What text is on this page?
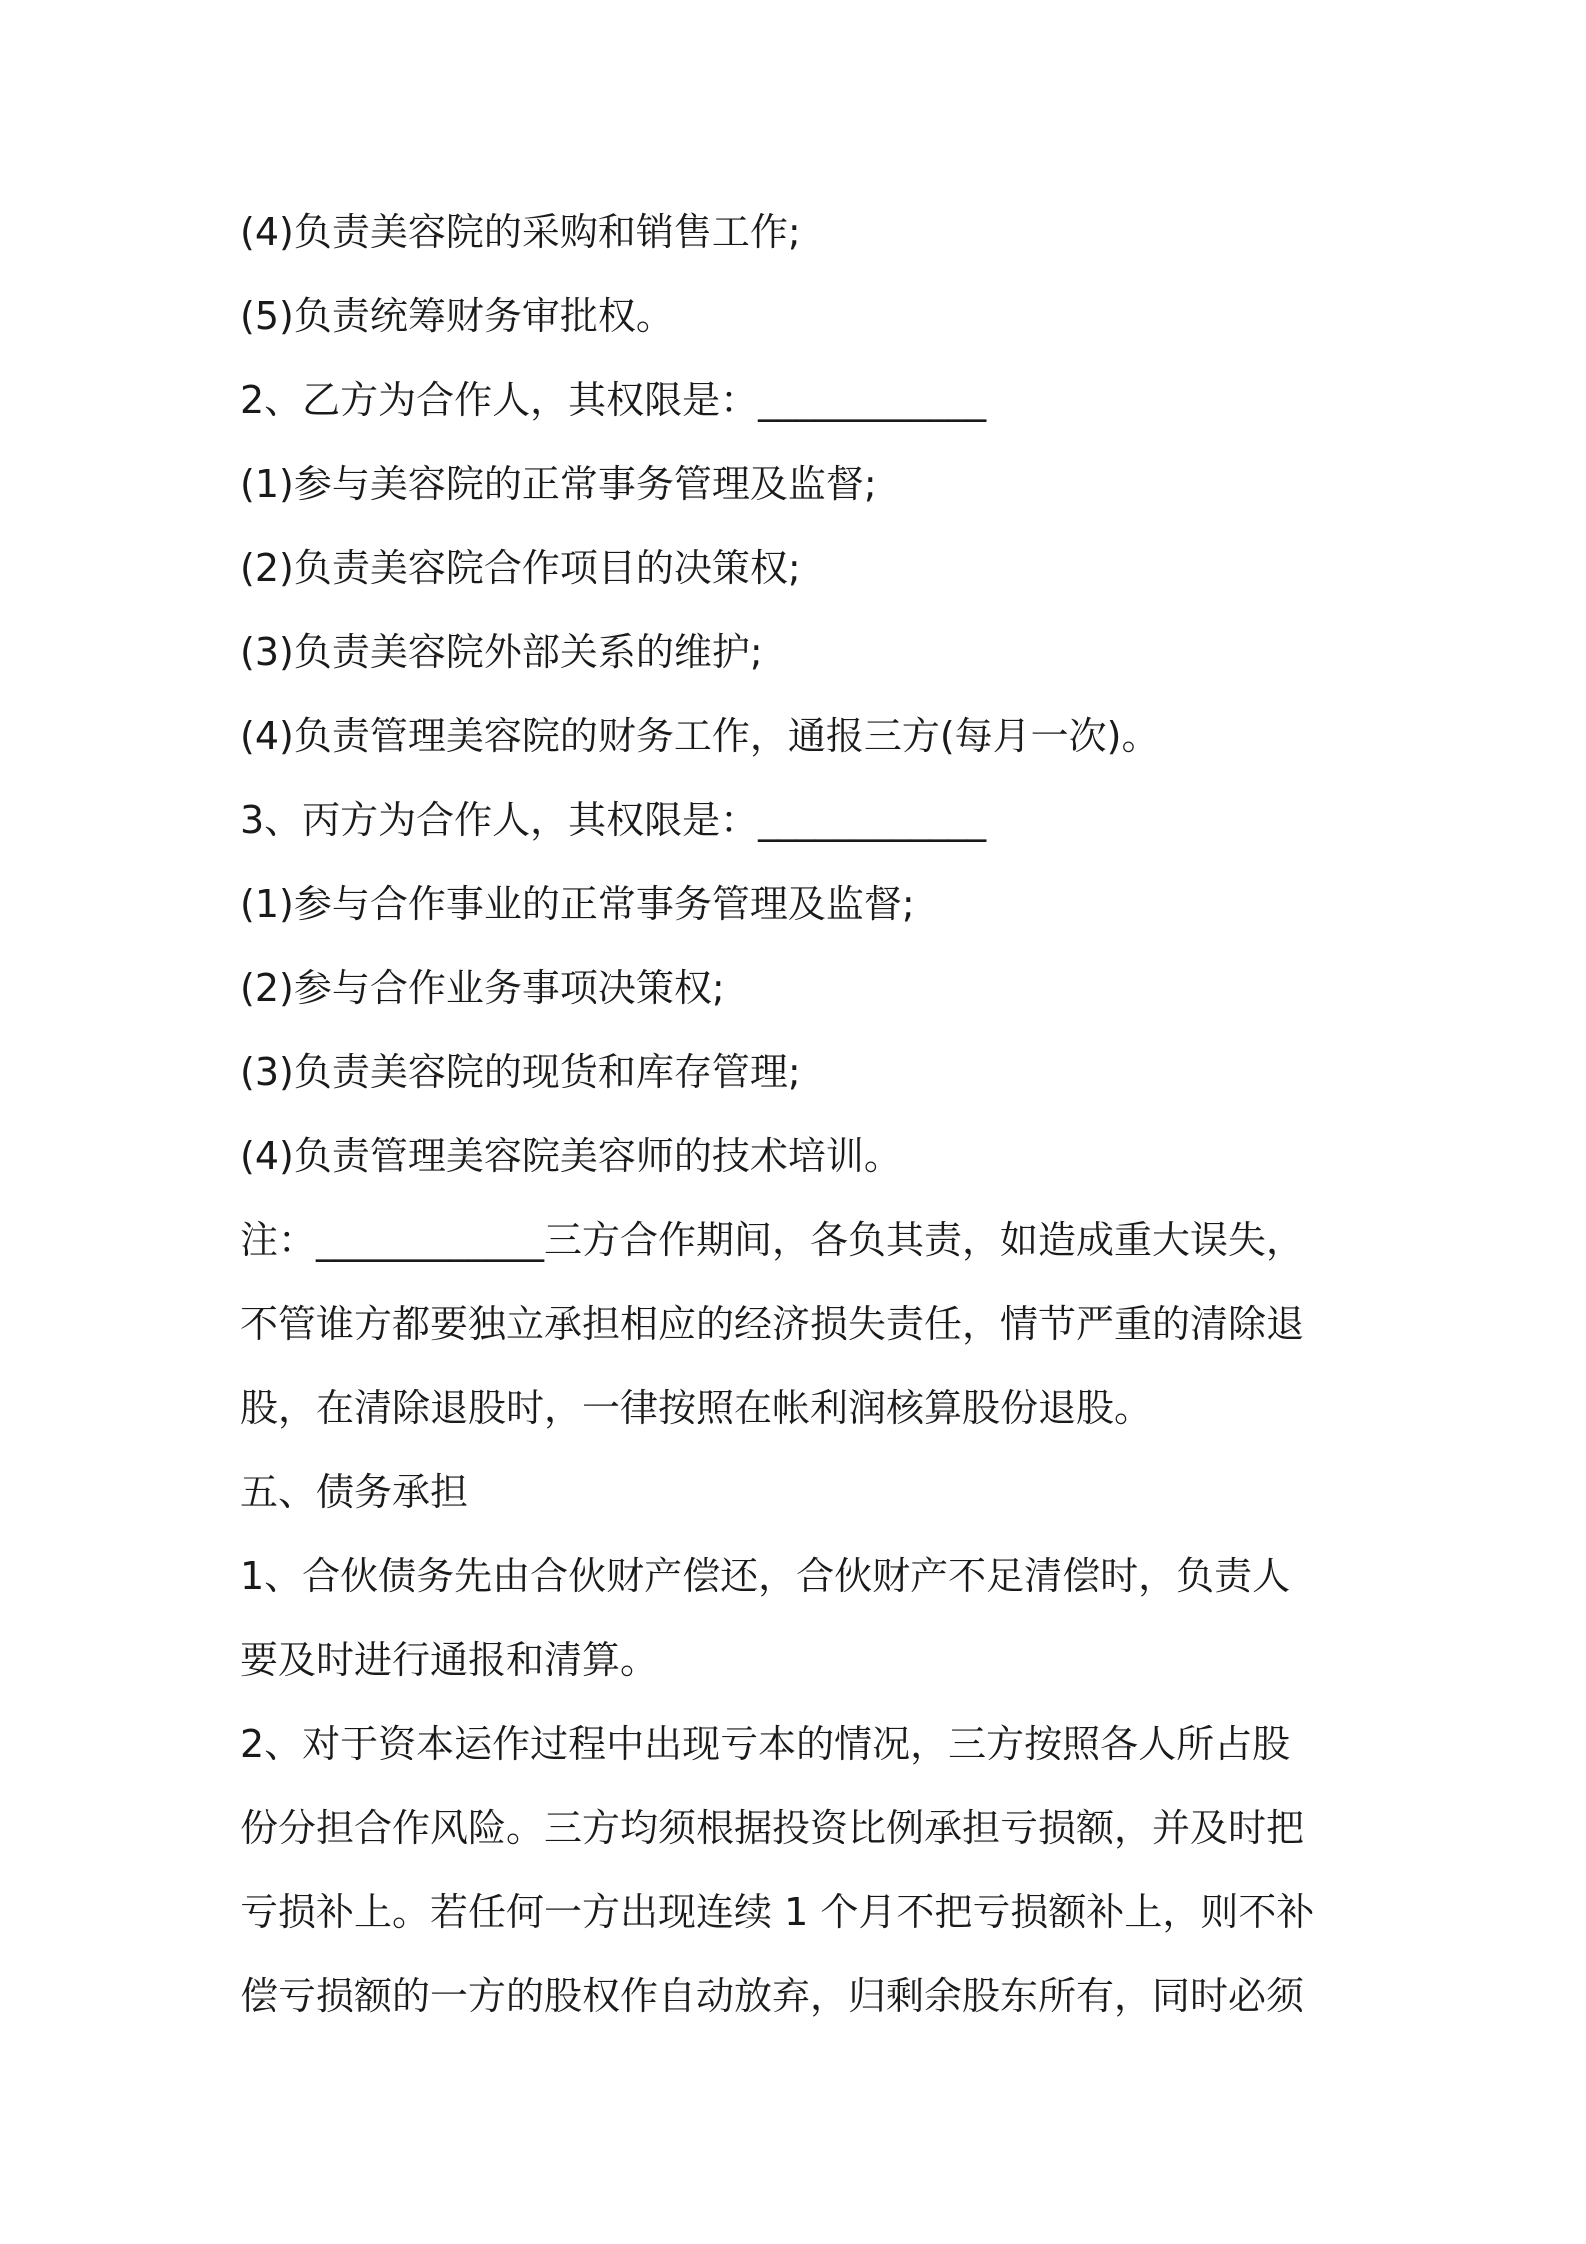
(4)负责美容院的采购和销售工作;
(5)负责统筹财务审批权。
2、乙方为合作人，其权限是：____________
(1)参与美容院的正常事务管理及监督;
(2)负责美容院合作项目的决策权;
(3)负责美容院外部关系的维护;
(4)负责管理美容院的财务工作，通报三方(每月一次)。
3、丙方为合作人，其权限是：____________
(1)参与合作事业的正常事务管理及监督;
(2)参与合作业务事项决策权;
(3)负责美容院的现货和库存管理;
(4)负责管理美容院美容师的技术培训。
注：____________三方合作期间，各负其责，如造成重大误失，
不管谁方都要独立承担相应的经济损失责任，情节严重的清除退
股，在清除退股时，一律按照在帐利润核算股份退股。
五、债务承担
1、合伙债务先由合伙财产偿还，合伙财产不足清偿时，负责人
要及时进行通报和清算。
2、对于资本运作过程中出现亏本的情况，三方按照各人所占股
份分担合作风险。三方均须根据投资比例承担亏损额，并及时把
亏损补上。若任何一方出现连续 1 个月不把亏损额补上，则不补
偿亏损额的一方的股权作自动放弃，归剩余股东所有，同时必须
